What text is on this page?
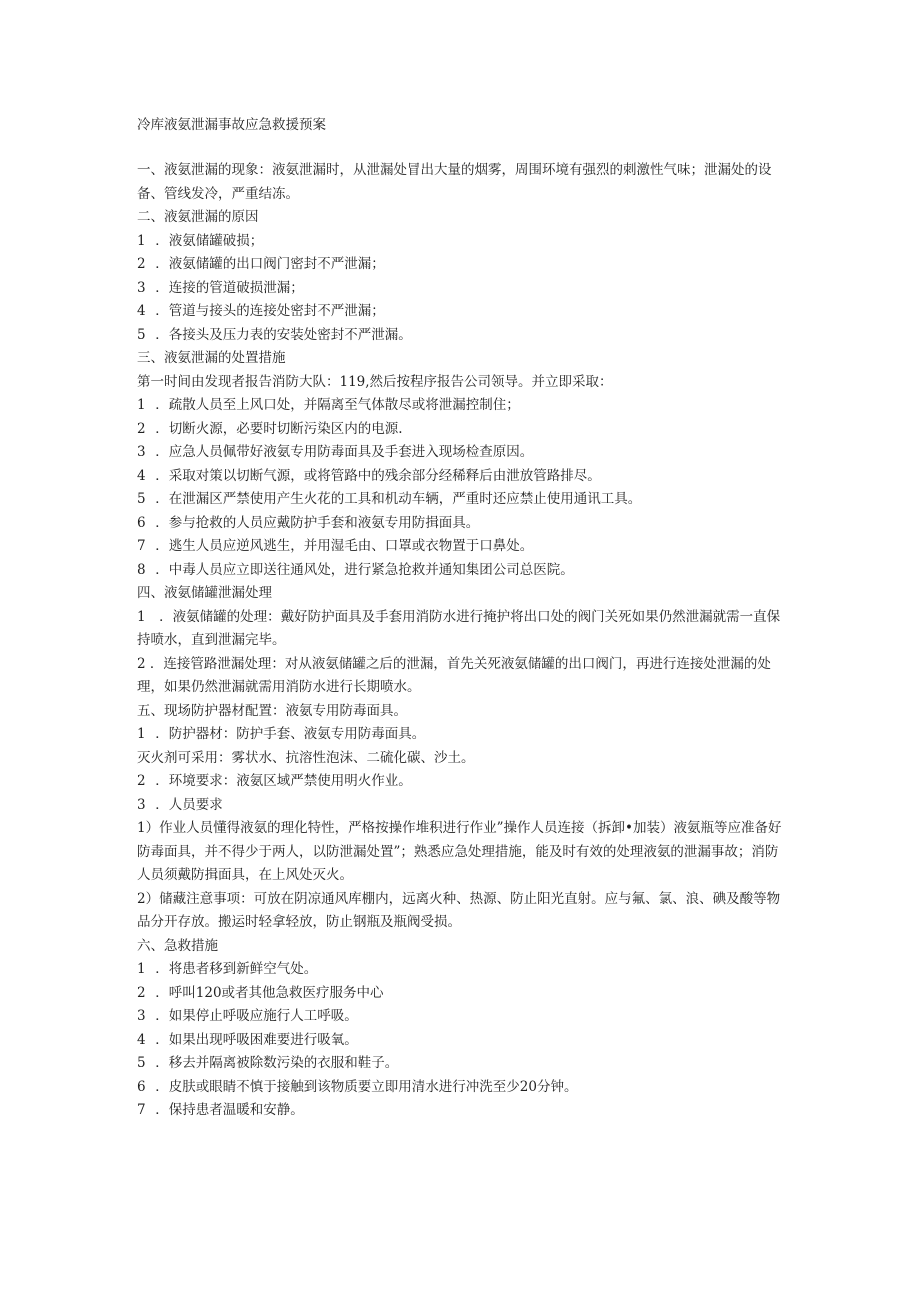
冷库液氨泄漏事故应急救援预案
一、液氨泄漏的现象：液氨泄漏时，从泄漏处冒出大量的烟雾，周围环境有强烈的刺激性气味；泄漏处的设备、管线发冷，严重结冻。
二、液氨泄漏的原因
1 ．液氨储罐破损；
2 ．液氨储罐的出口阀门密封不严泄漏；
3 ．连接的管道破损泄漏；
4 ．管道与接头的连接处密封不严泄漏；
5 ．各接头及压力表的安装处密封不严泄漏。
三、液氨泄漏的处置措施
第一时间由发现者报告消防大队：119,然后按程序报告公司领导。并立即采取：
1 ．疏散人员至上风口处，并隔离至气体散尽或将泄漏控制住；
2 ．切断火源，必要时切断污染区内的电源.
3 ．应急人员佩带好液氨专用防毒面具及手套进入现场检查原因。
4 ．采取对策以切断气源，或将管路中的残余部分经稀释后由泄放管路排尽。
5 ．在泄漏区严禁使用产生火花的工具和机动车辆，严重时还应禁止使用通讯工具。
6 ．参与抢救的人员应戴防护手套和液氨专用防揖面具。
7 ．逃生人员应逆风逃生，并用湿毛由、口罩或衣物置于口鼻处。
8 ．中毒人员应立即送往通风处，进行紧急抢救并通知集团公司总医院。
四、液氨储罐泄漏处理
1　．液氨储罐的处理：戴好防护面具及手套用消防水进行掩护将出口处的阀门关死如果仍然泄漏就需一直保持喷水，直到泄漏完毕。
2 ．连接管路泄漏处理：对从液氨储罐之后的泄漏，首先关死液氨储罐的出口阀门，再进行连接处泄漏的处理，如果仍然泄漏就需用消防水进行长期喷水。
五、现场防护器材配置：液氨专用防毒面具。
1 ．防护器材：防护手套、液氨专用防毒面具。
灭火剂可采用：雾状水、抗溶性泡沫、二硫化碳、沙土。
2 ．环境要求：液氨区域严禁使用明火作业。
3 ．人员要求
1）作业人员懂得液氨的理化特性，严格按操作堆积进行作业”操作人员连接（拆卸•加装）液氨瓶等应准备好防毒面具，并不得少于两人，以防泄漏处置”；熟悉应急处理措施，能及时有效的处理液氨的泄漏事故；消防人员须戴防揖面具，在上风处灭火。
2）储藏注意事项：可放在阴凉通风库棚内，远离火种、热源、防止阳光直射。应与氟、氯、浪、碘及酸等物品分开存放。搬运时轻拿轻放，防止钢瓶及瓶阀受损。
六、急救措施
1 ．将患者移到新鲜空气处。
2 ．呼叫120或者其他急救医疗服务中心
3 ．如果停止呼吸应施行人工呼吸。
4 ．如果出现呼吸困难要进行吸氧。
5 ．移去并隔离被除数污染的衣服和鞋子。
6 ．皮肤或眼睛不慎于接触到该物质要立即用清水进行冲洗至少20分钟。
7 ．保持患者温暖和安静。
